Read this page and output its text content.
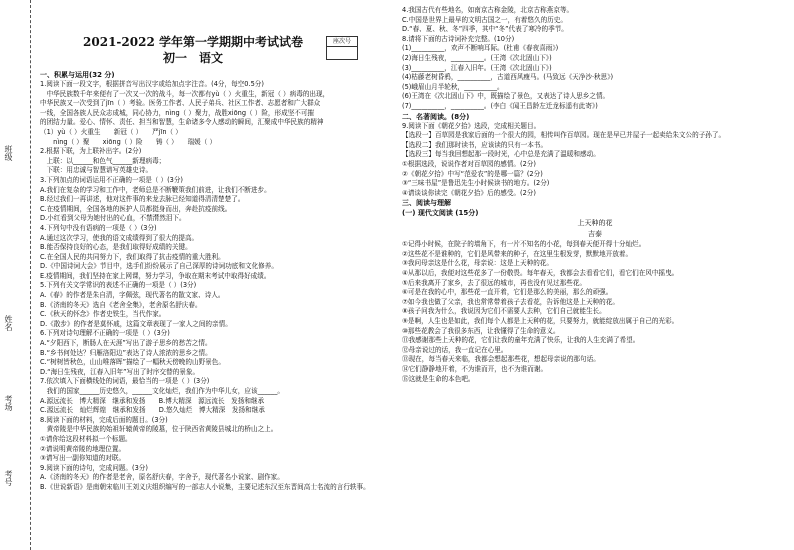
班级
姓名
考场
考号
2021-2022 学年第一学期期中考试试卷
初一　语文
座次号

一、积累与运用(32 分)

1.阅读下面一段文字，根据拼音写出汉字或给加点字注音。(4分，每空0.5分)

　中华民族数千年来便有了一次又一次的战斗，每一次都有yù（ ）火重生，新冠（ ）病毒的出现，

中华民族又一次受到了jīn（ ）考验。医务工作者、人民子弟兵、社区工作者、志愿者和广大群众

一线，全国各族人民众志成城，同心协力，nìng（ ）聚力，战胜xiōng（ ）险，形成坚不可摧

的团结力量。爱心、情怀、责任、担当和智慧，生命诸多令人感动的瞬间，汇聚成中华民族的精神

（1）yù（ ）火重生　　新冠（ ）　　严jīn（ ）

　　nìng（ ）聚　　xiōng（ ）险　　铸（ ）　　瑞媛（ ）

2.根据下联，为上联补出字。(2分)

　上联：以______和色气______新理病毒；

　下联：用忠诚与智慧谱写英雄史诗。

3.下列加点的词语运用不正确的一项是（ ）(3分)

A.我们在复杂的学习和工作中，老师总是不断鞭策我们前进，让我们不断进步。

B.经过我们一再讲述，他对这件事的来龙去脉已经知道得清清楚楚了。

C.在疫情期间，全国各地的医护人员都挺身而出，奔赴抗疫前线。

D.小红看到父母为她付出的心血，不禁潸然泪下。

4.下列句中没有语病的一项是（ ）(3分)

A.通过这次学习，使我的语文成绩得到了很大的提高。

B.能否保持良好的心态，是我们取得好成绩的关键。

C.在全国人民的共同努力下，我们取得了抗击疫情的重大胜利。

D.《中国诗词大会》节目中，选手们纷纷展示了自己深厚的诗词功底和文化修养。

E.疫情期间，我们坚持在家上网课，努力学习，争取在期末考试中取得好成绩。

5.下列有关文学常识的表述不正确的一项是（ ）(3分)

A.《春》的作者是朱自清，字佩弦，现代著名的散文家、诗人。

B.《济南的冬天》选自《老舍全集》，老舍原名舒庆春。

C.《秋天的怀念》作者史铁生，当代作家。

D.《散步》的作者是莫怀戚，这篇文章表现了一家人之间的亲情。

6.下列对诗句理解不正确的一项是（ ）(3分)

A.“夕阳西下，断肠人在天涯”写出了游子思乡的愁苦之情。

B.“乡书何处达？归雁洛阳边”表达了诗人浓浓的思乡之情。

C.“树树皆秋色，山山唯落晖”描绘了一幅秋天傍晚的山野景色。

D.“海日生残夜，江春入旧年”写出了时序交替的景象。

7.依次填入下面横线处的词语，最恰当的一项是（ ）(3分)

　我们的国家______历史悠久，______文化灿烂，我们作为中华儿女，应该______。

A.源远流长　博大精深　继承和发扬　　B.博大精深　源远流长　发扬和继承

C.源远流长　灿烂辉煌　继承和发扬　　D.悠久灿烂　博大精深　发扬和继承

8.阅读下面的材料，完成后面的题目。(3分)

　黄帝陵是中华民族的始祖轩辕黄帝的陵墓，位于陕西省黄陵县城北的桥山之上。

①请你给这段材料拟一个标题。

②请说明黄帝陵的地理位置。

③请写出一副你知道的对联。

9.阅读下面的诗句，完成问题。(3分)

A.《济南的冬天》的作者是老舍，原名舒庆春，字舍予，现代著名小说家、剧作家。

B.《世说新语》是南朝宋临川王刘义庆组织编写的一部志人小说集，主要记述东汉至东晋间高士名流的言行轶事。

4.我国古代有些地名，如南京古称金陵，北京古称燕京等。

C.中国是世界上最早的文明古国之一，有着悠久的历史。

D.“春、夏、秋、冬”四季，其中“冬”代表了寒冷的季节。

8.请将下面的古诗词补充完整。(10分)

(1)__________，欢声不断响耳际。(杜甫《春夜喜雨》)

(2)海日生残夜，__________。(王湾《次北固山下》)

(3)__________，江春入旧年。(王湾《次北固山下》)

(4)枯藤老树昏鸦，__________，古道西风瘦马。(马致远《天净沙·秋思》)

(5)峨眉山月半轮秋，__________。

(6)王湾在《次北固山下》中，既描绘了景色，又表达了诗人思乡之情。

(7)__________，__________。(李白《闻王昌龄左迁龙标遥有此寄》)

二、名著阅读。(8分)

9.阅读下面《朝花夕拾》选段，完成相关题目。

【选段一】百草园是我家后面的一个很大的园，相传叫作百草园。现在是早已并屋子一起卖给朱文公的子孙了。

【选段二】我们那时读书，应该读的只有一本书。

【选段三】每当我回想起那一段时光，心中总是充满了温暖和感动。

①根据选段，说说作者对百草园的感情。(2分)

②《朝花夕拾》中写“范爱农”的是哪一篇？(2分)

③“三味书屋”是鲁迅先生小时候读书的地方。(2分)

④请谈谈你读完《朝花夕拾》后的感受。(2分)

三、阅读与理解

(一) 现代文阅读 (15分)

上天种的花

吉泰

①记得小时候，在院子的墙角下，有一片不知名的小花，每到春天便开得十分灿烂。

②这些花不是谁种的，它们是风带来的种子，在这里生根发芽，默默地开放着。

③我问母亲这是什么花，母亲说：这是上天种的花。

④从那以后，我便对这些花多了一份敬畏。每年春天，我都会去看看它们，看它们在风中摇曳。

⑤后来我离开了家乡，去了很远的城市，再也没有见过那些花。

⑥可是在我的心中，那些花一直开着，它们是那么的美丽，那么的顽强。

⑦如今我也做了父亲，我也常常带着孩子去看花，告诉他这是上天种的花。

⑧孩子问我为什么，我说因为它们不需要人去种，它们自己就能生长。

⑨是啊，人生也是如此，我们每个人都是上天种的花，只要努力，就能绽放出属于自己的光彩。

⑩那些花教会了我很多东西，让我懂得了生命的意义。

⑪我感谢那些上天种的花，它们让我的童年充满了快乐，让我的人生充满了希望。

⑫母亲说过的话，我一直记在心里。

⑬现在，每当春天来临，我都会想起那些花，想起母亲说的那句话。

⑭它们静静地开着，不为谁而开，也不为谁而谢。

⑮这就是生命的本色吧。
